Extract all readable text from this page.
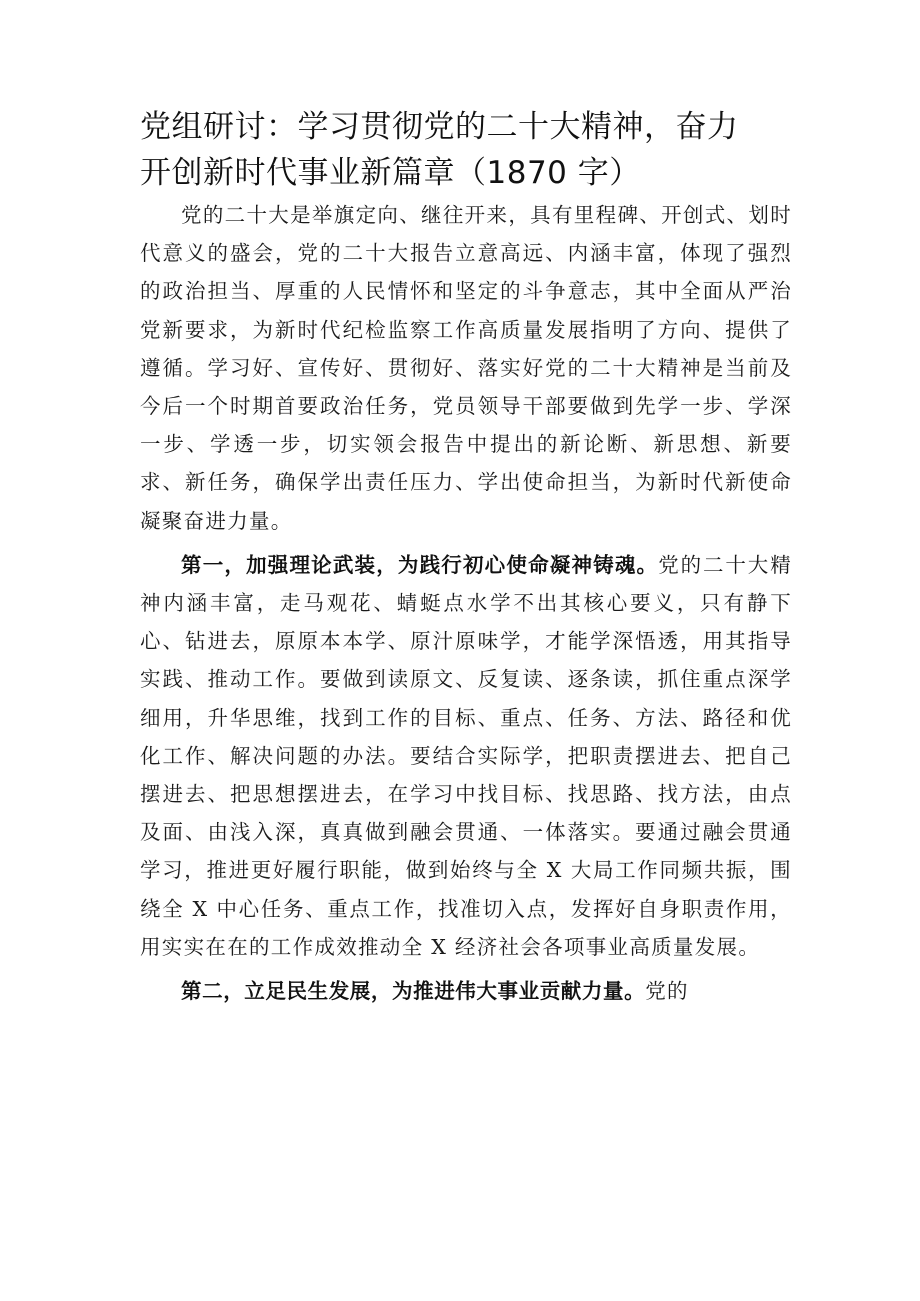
党组研讨：学习贯彻党的二十大精神，奋力
开创新时代事业新篇章（1870 字）

党的二十大是举旗定向、继往开来，具有里程碑、开创式、划时代意义的盛会，党的二十大报告立意高远、内涵丰富，体现了强烈的政治担当、厚重的人民情怀和坚定的斗争意志，其中全面从严治党新要求，为新时代纪检监察工作高质量发展指明了方向、提供了遵循。学习好、宣传好、贯彻好、落实好党的二十大精神是当前及今后一个时期首要政治任务，党员领导干部要做到先学一步、学深一步、学透一步，切实领会报告中提出的新论断、新思想、新要求、新任务，确保学出责任压力、学出使命担当，为新时代新使命凝聚奋进力量。

第一，加强理论武装，为践行初心使命凝神铸魂。党的二十大精神内涵丰富，走马观花、蜻蜓点水学不出其核心要义，只有静下心、钻进去，原原本本学、原汁原味学，才能学深悟透，用其指导实践、推动工作。要做到读原文、反复读、逐条读，抓住重点深学细用，升华思维，找到工作的目标、重点、任务、方法、路径和优化工作、解决问题的办法。要结合实际学，把职责摆进去、把自己摆进去、把思想摆进去，在学习中找目标、找思路、找方法，由点及面、由浅入深，真真做到融会贯通、一体落实。要通过融会贯通学习，推进更好履行职能，做到始终与全 X 大局工作同频共振，围绕全 X 中心任务、重点工作，找准切入点，发挥好自身职责作用，用实实在在的工作成效推动全 X 经济社会各项事业高质量发展。

第二，立足民生发展，为推进伟大事业贡献力量。党的
